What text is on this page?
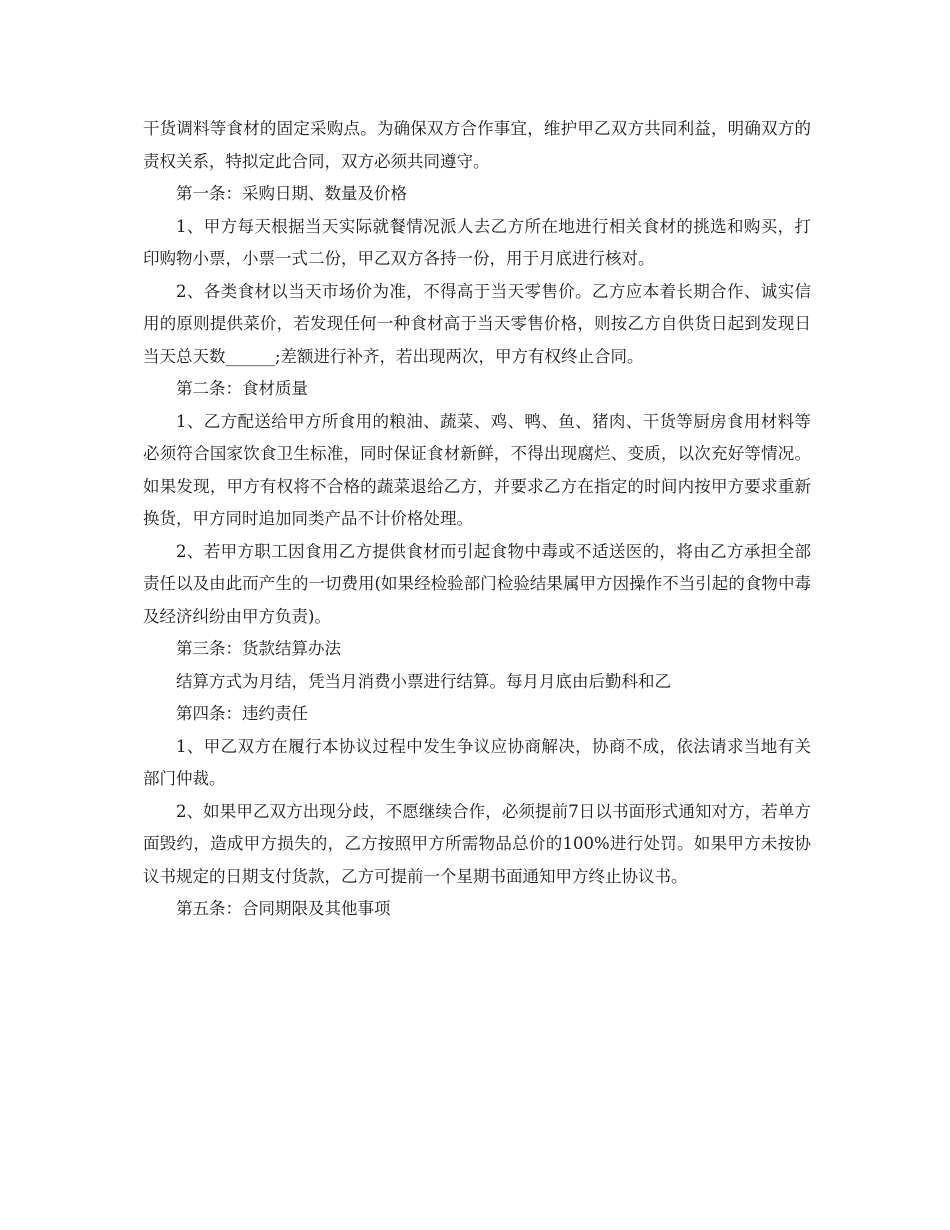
干货调料等食材的固定采购点。为确保双方合作事宜，维护甲乙双方共同利益，明确双方的责权关系，特拟定此合同，双方必须共同遵守。

第一条：采购日期、数量及价格

1、甲方每天根据当天实际就餐情况派人去乙方所在地进行相关食材的挑选和购买，打印购物小票，小票一式二份，甲乙双方各持一份，用于月底进行核对。

2、各类食材以当天市场价为准，不得高于当天零售价。乙方应本着长期合作、诚实信用的原则提供菜价，若发现任何一种食材高于当天零售价格，则按乙方自供货日起到发现日当天总天数______;差额进行补齐，若出现两次，甲方有权终止合同。

第二条：食材质量

1、乙方配送给甲方所食用的粮油、蔬菜、鸡、鸭、鱼、猪肉、干货等厨房食用材料等必须符合国家饮食卫生标准，同时保证食材新鲜，不得出现腐烂、变质，以次充好等情况。如果发现，甲方有权将不合格的蔬菜退给乙方，并要求乙方在指定的时间内按甲方要求重新换货，甲方同时追加同类产品不计价格处理。

2、若甲方职工因食用乙方提供食材而引起食物中毒或不适送医的，将由乙方承担全部责任以及由此而产生的一切费用(如果经检验部门检验结果属甲方因操作不当引起的食物中毒及经济纠纷由甲方负责)。

第三条：货款结算办法

结算方式为月结，凭当月消费小票进行结算。每月月底由后勤科和乙

第四条：违约责任

1、甲乙双方在履行本协议过程中发生争议应协商解决，协商不成，依法请求当地有关部门仲裁。

2、如果甲乙双方出现分歧，不愿继续合作，必须提前7日以书面形式通知对方，若单方面毁约，造成甲方损失的，乙方按照甲方所需物品总价的100%进行处罚。如果甲方未按协议书规定的日期支付货款，乙方可提前一个星期书面通知甲方终止协议书。

第五条：合同期限及其他事项
